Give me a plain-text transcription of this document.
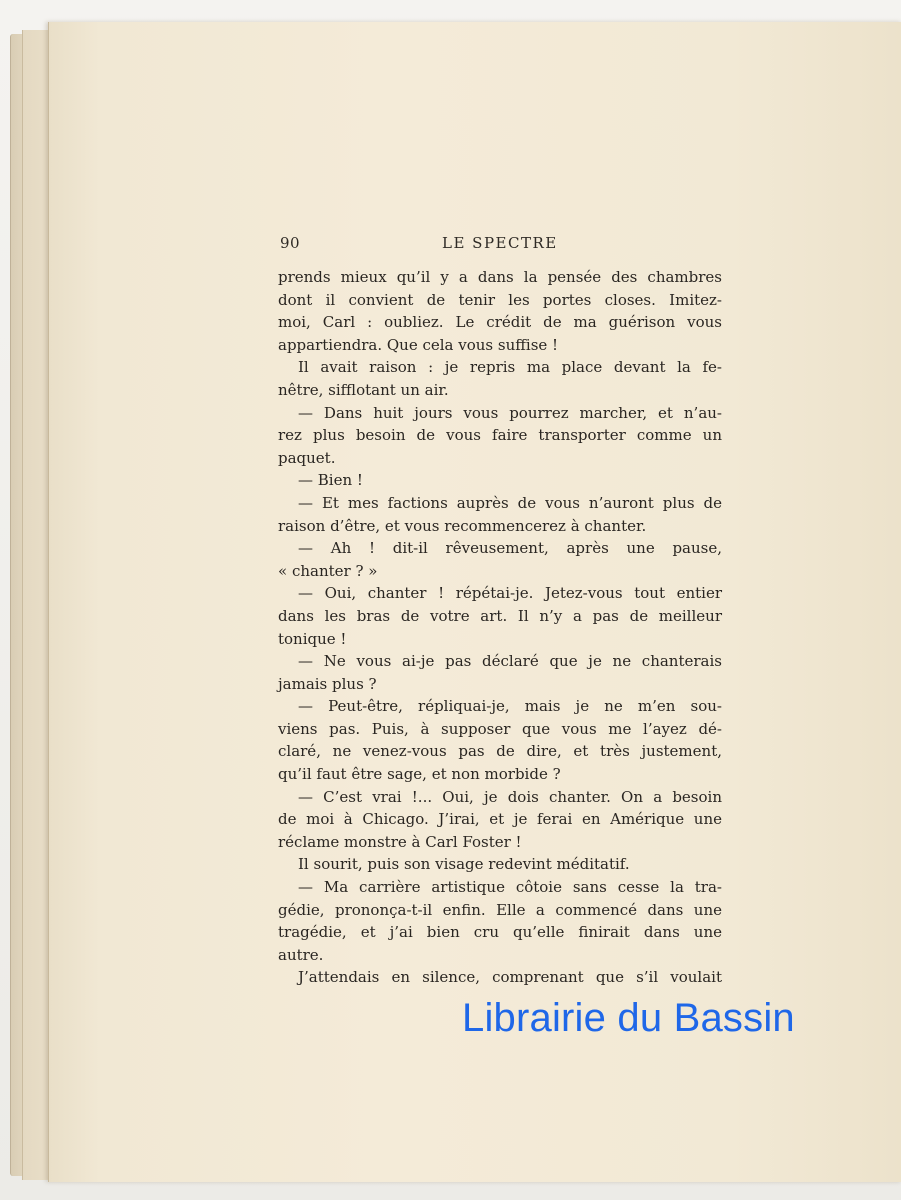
90	LE SPECTRE
prends mieux qu’il y a dans la pensée des chambres
dont il convient de tenir les portes closes. Imitez-
moi, Carl : oubliez. Le crédit de ma guérison vous
appartiendra. Que cela vous suffise !
Il avait raison : je repris ma place devant la fe-
nêtre, sifflotant un air.
— Dans huit jours vous pourrez marcher, et n’au-
rez plus besoin de vous faire transporter comme un
paquet.
— Bien !
— Et mes factions auprès de vous n’auront plus de
raison d’être, et vous recommencerez à chanter.
— Ah ! dit-il rêveusement, après une pause,
« chanter ? »
— Oui, chanter ! répétai-je. Jetez-vous tout entier
dans les bras de votre art. Il n’y a pas de meilleur
tonique !
— Ne vous ai-je pas déclaré que je ne chanterais
jamais plus ?
— Peut-être, répliquai-je, mais je ne m’en sou-
viens pas. Puis, à supposer que vous me l’ayez dé-
claré, ne venez-vous pas de dire, et très justement,
qu’il faut être sage, et non morbide ?
— C’est vrai !... Oui, je dois chanter. On a besoin
de moi à Chicago. J’irai, et je ferai en Amérique une
réclame monstre à Carl Foster !
Il sourit, puis son visage redevint méditatif.
— Ma carrière artistique côtoie sans cesse la tra-
gédie, prononça-t-il enfin. Elle a commencé dans une
tragédie, et j’ai bien cru qu’elle finirait dans une
autre.
J’attendais en silence, comprenant que s’il voulait
Librairie du Bassin
